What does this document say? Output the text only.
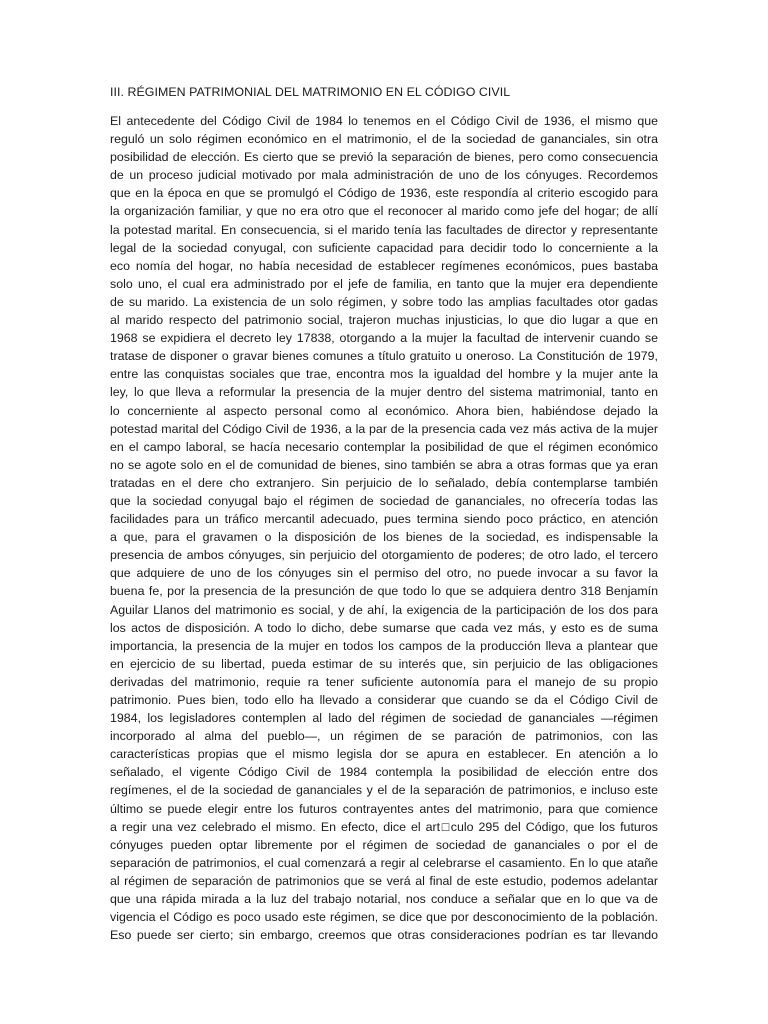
III. RÉGIMEN PATRIMONIAL DEL MATRIMONIO EN EL CÓDIGO CIVIL
El antecedente del Código Civil de 1984 lo tenemos en el Código Civil de 1936, el mismo que
reguló un solo régimen económico en el matrimonio, el de la sociedad de gananciales, sin otra
posibilidad de elección. Es cierto que se previó la separación de bienes, pero como consecuencia
de un proceso judicial motivado por mala administración de uno de los cónyuges. Recordemos
que en la época en que se promulgó el Código de 1936, este respondía al criterio escogido para
la organización familiar, y que no era otro que el reconocer al marido como jefe del hogar; de allí
la potestad marital. En consecuencia, si el marido tenía las facultades de director y representante
legal de la sociedad conyugal, con suficiente capacidad para decidir todo lo concerniente a la
eco nomía del hogar, no había necesidad de establecer regímenes económicos, pues bastaba
solo uno, el cual era administrado por el jefe de familia, en tanto que la mujer era dependiente
de su marido. La existencia de un solo régimen, y sobre todo las amplias facultades otor gadas
al marido respecto del patrimonio social, trajeron muchas injusticias, lo que dio lugar a que en
1968 se expidiera el decreto ley 17838, otorgando a la mujer la facultad de intervenir cuando se
tratase de disponer o gravar bienes comunes a título gratuito u oneroso. La Constitución de 1979,
entre las conquistas sociales que trae, encontra mos la igualdad del hombre y la mujer ante la
ley, lo que lleva a reformular la presencia de la mujer dentro del sistema matrimonial, tanto en
lo concerniente al aspecto personal como al económico. Ahora bien, habiéndose dejado la
potestad marital del Código Civil de 1936, a la par de la presencia cada vez más activa de la mujer
en el campo laboral, se hacía necesario contemplar la posibilidad de que el régimen económico
no se agote solo en el de comunidad de bienes, sino también se abra a otras formas que ya eran
tratadas en el dere cho extranjero. Sin perjuicio de lo señalado, debía contemplarse también
que la sociedad conyugal bajo el régimen de sociedad de gananciales, no ofrecería todas las
facilidades para un tráfico mercantil adecuado, pues termina siendo poco práctico, en atención
a que, para el gravamen o la disposición de los bienes de la sociedad, es indispensable la
presencia de ambos cónyuges, sin perjuicio del otorgamiento de poderes; de otro lado, el tercero
que adquiere de uno de los cónyuges sin el permiso del otro, no puede invocar a su favor la
buena fe, por la presencia de la presunción de que todo lo que se adquiera dentro 318 Benjamín
Aguilar Llanos del matrimonio es social, y de ahí, la exigencia de la participación de los dos para
los actos de disposición. A todo lo dicho, debe sumarse que cada vez más, y esto es de suma
importancia, la presencia de la mujer en todos los campos de la producción lleva a plantear que
en ejercicio de su libertad, pueda estimar de su interés que, sin perjuicio de las obligaciones
derivadas del matrimonio, requie ra tener suficiente autonomía para el manejo de su propio
patrimonio. Pues bien, todo ello ha llevado a considerar que cuando se da el Código Civil de
1984, los legisladores contemplen al lado del régimen de sociedad de gananciales —régimen
incorporado al alma del pueblo—, un régimen de se paración de patrimonios, con las
características propias que el mismo legisla dor se apura en establecer. En atención a lo
señalado, el vigente Código Civil de 1984 contempla la posibilidad de elección entre dos
regímenes, el de la sociedad de gananciales y el de la separación de patrimonios, e incluso este
último se puede elegir entre los futuros contrayentes antes del matrimonio, para que comience
a regir una vez celebrado el mismo. En efecto, dice el art□culo 295 del Código, que los futuros
cónyuges pueden optar libremente por el régimen de sociedad de gananciales o por el de
separación de patrimonios, el cual comenzará a regir al celebrarse el casamiento. En lo que atañe
al régimen de separación de patrimonios que se verá al final de este estudio, podemos adelantar
que una rápida mirada a la luz del trabajo notarial, nos conduce a señalar que en lo que va de
vigencia el Código es poco usado este régimen, se dice que por desconocimiento de la población.
Eso puede ser cierto; sin embargo, creemos que otras consideraciones podrían es tar llevando
